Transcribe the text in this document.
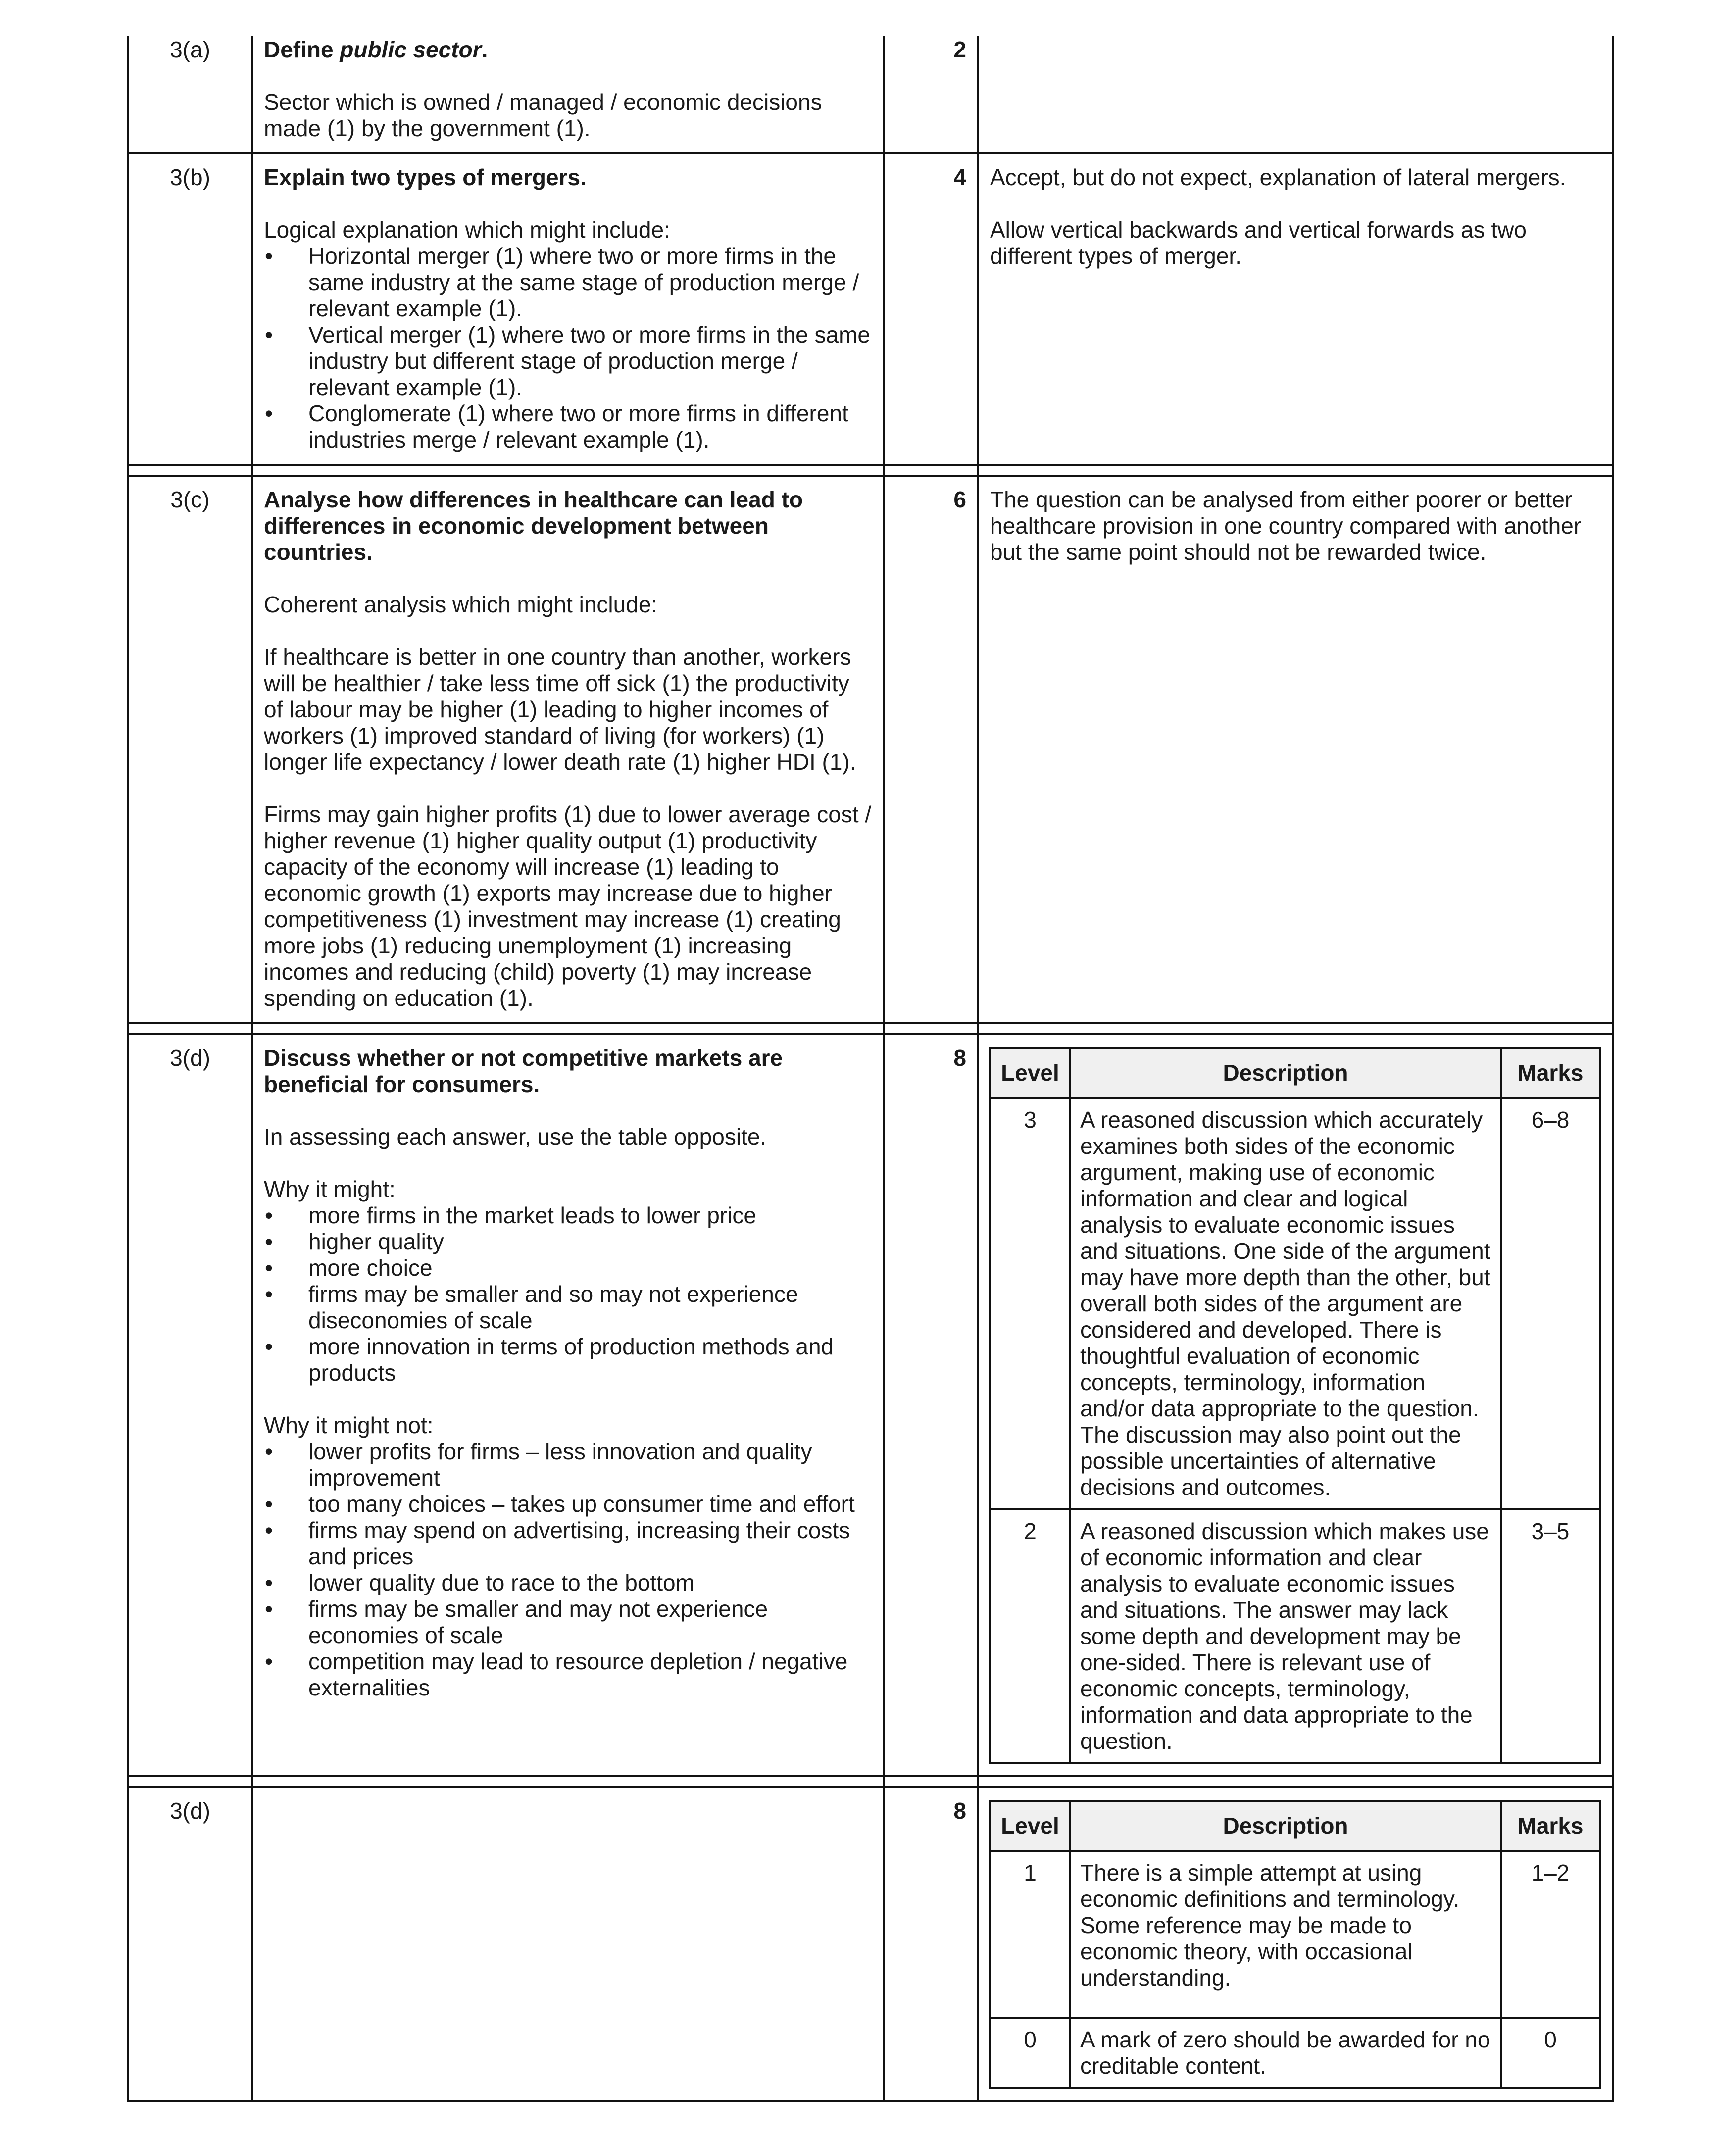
3(a)	Define public sector.

Sector which is owned / managed / economic decisions made (1) by the government (1).

	2	
3(b)	Explain two types of mergers.
Logical explanation which might include:
• Horizontal merger (1) where two or more firms in the same industry at the same stage of production merge / relevant example (1).
• Vertical merger (1) where two or more firms in the same industry but different stage of production merge / relevant example (1).
• Conglomerate (1) where two or more firms in different industries merge / relevant example (1).
	4	Accept, but do not expect, explanation of lateral mergers.

Allow vertical backwards and vertical forwards as two different types of merger.

3(c)	Analyse how differences in healthcare can lead to differences in economic development between countries.

Coherent analysis which might include:

If healthcare is better in one country than another, workers will be healthier / take less time off sick (1) the productivity of labour may be higher (1) leading to higher incomes of workers (1) improved standard of living (for workers) (1) longer life expectancy / lower death rate (1) higher HDI (1).

Firms may gain higher profits (1) due to lower average cost / higher revenue (1) higher quality output (1) productivity capacity of the economy will increase (1) leading to economic growth (1) exports may increase due to higher competitiveness (1) investment may increase (1) creating more jobs (1) reducing unemployment (1) increasing incomes and reducing (child) poverty (1) may increase spending on education (1).

	6	The question can be analysed from either poorer or better healthcare provision in one country compared with another but the same point should not be rewarded twice.

3(d)	Discuss whether or not competitive markets are beneficial for consumers.

In assessing each answer, use the table opposite.

Why it might:
• more firms in the market leads to lower price
• higher quality
• more choice
• firms may be smaller and so may not experience diseconomies of scale
• more innovation in terms of production methods and products
Why it might not:
• lower profits for firms – less innovation and quality improvement
• too many choices – takes up consumer time and effort
• firms may spend on advertising, increasing their costs and prices
• lower quality due to race to the bottom
• firms may be smaller and may not experience economies of scale
• competition may lead to resource depletion / negative externalities
	8	
Level	Description	Marks
3	A reasoned discussion which accurately examines both sides of the economic argument, making use of economic information and clear and logical analysis to evaluate economic issues and situations. One side of the argument may have more depth than the other, but overall both sides of the argument are considered and developed. There is thoughtful evaluation of economic concepts, terminology, information and/or data appropriate to the question. The discussion may also point out the possible uncertainties of alternative decisions and outcomes.	6–8
2	A reasoned discussion which makes use of economic information and clear analysis to evaluate economic issues and situations. The answer may lack some depth and development may be one-sided. There is relevant use of economic concepts, terminology, information and data appropriate to the question.	3–5

3(d)		8	
Level	Description	Marks
1	There is a simple attempt at using economic definitions and terminology. Some reference may be made to economic theory, with occasional understanding.	1–2
0	A mark of zero should be awarded for no creditable content.	0
